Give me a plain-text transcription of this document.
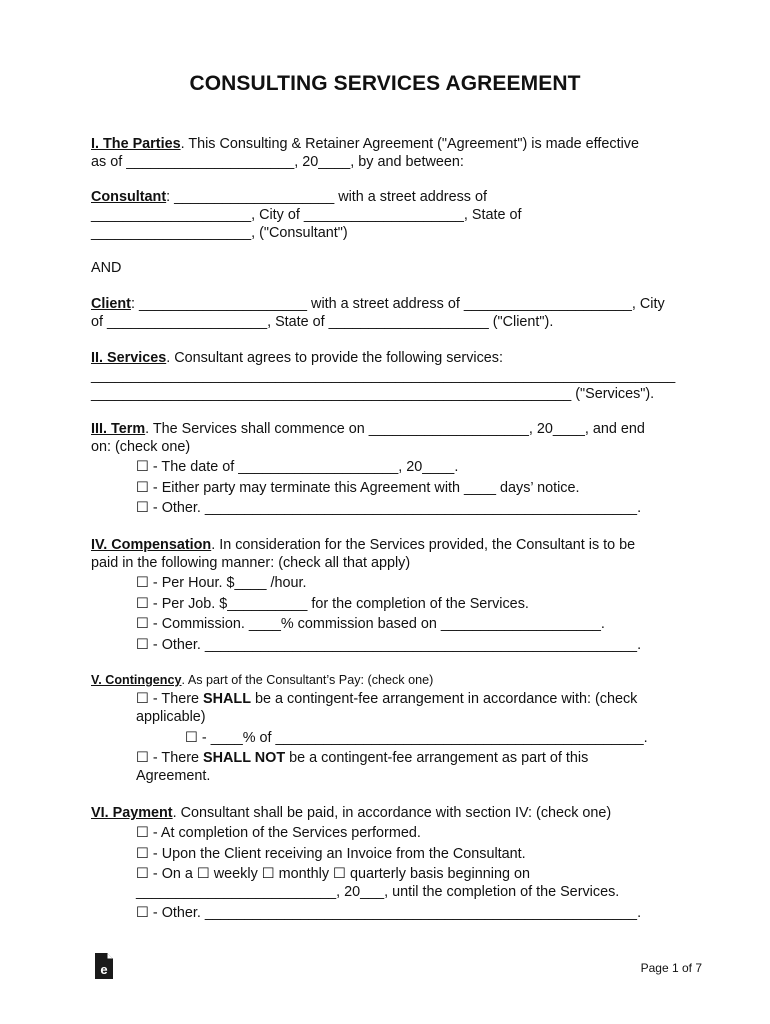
CONSULTING SERVICES AGREEMENT
I. The Parties. This Consulting & Retainer Agreement ("Agreement") is made effective
as of _____________________, 20____, by and between:
Consultant: ____________________ with a street address of
____________________, City of ____________________, State of
____________________, ("Consultant")
AND
Client: _____________________ with a street address of _____________________, City
of ____________________, State of ____________________ ("Client").
II. Services. Consultant agrees to provide the following services:
_________________________________________________________________________
____________________________________________________________ ("Services").
III. Term. The Services shall commence on ____________________, 20____, and end
on: (check one)
☐ - The date of ____________________, 20____.
☐ - Either party may terminate this Agreement with ____ days’ notice.
☐ - Other. ______________________________________________________.
IV. Compensation. In consideration for the Services provided, the Consultant is to be
paid in the following manner: (check all that apply)
☐ - Per Hour. $____ /hour.
☐ - Per Job. $__________ for the completion of the Services.
☐ - Commission. ____% commission based on ____________________.
☐ - Other. ______________________________________________________.
V. Contingency. As part of the Consultant’s Pay: (check one)
☐ - There SHALL be a contingent-fee arrangement in accordance with: (check
applicable)
☐ - ____% of ______________________________________________.
☐ - There SHALL NOT be a contingent-fee arrangement as part of this
Agreement.
VI. Payment. Consultant shall be paid, in accordance with section IV: (check one)
☐ - At completion of the Services performed.
☐ - Upon the Client receiving an Invoice from the Consultant.
☐ - On a ☐ weekly ☐ monthly ☐ quarterly basis beginning on
_________________________, 20___, until the completion of the Services.
☐ - Other. ______________________________________________________.
e	Page 1 of 7
